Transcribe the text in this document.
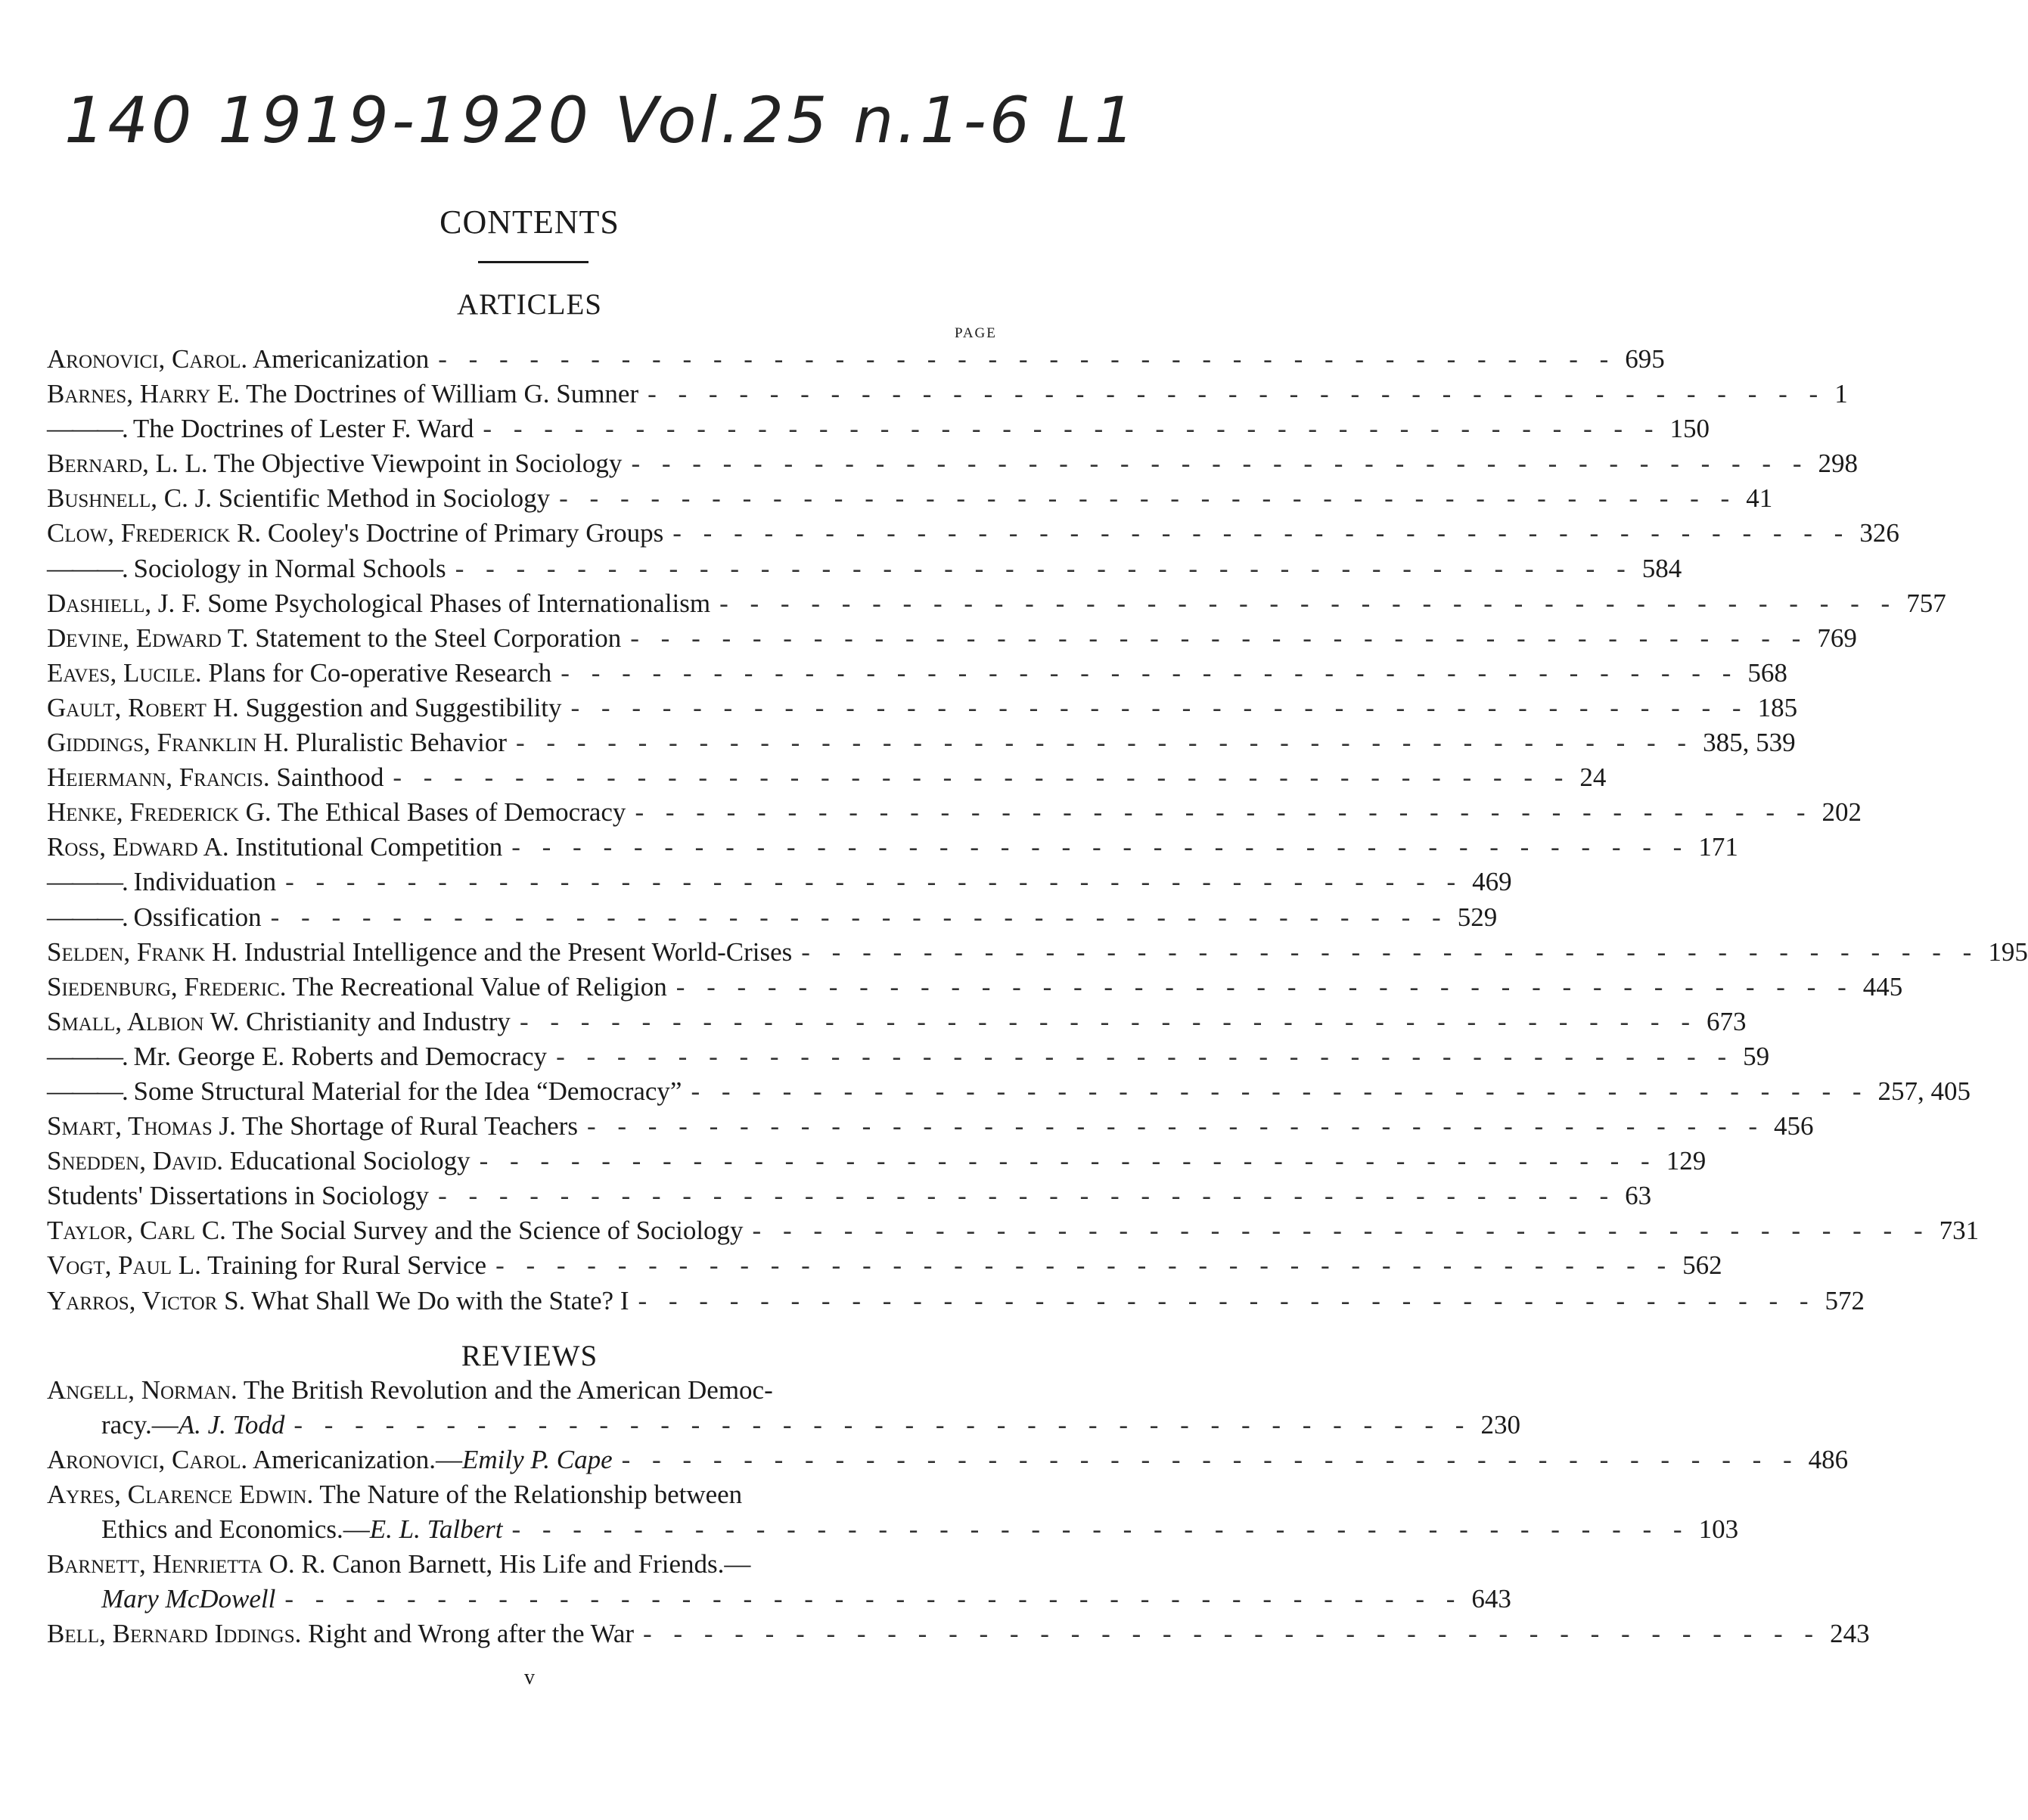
140 1919-1920 Vol.25 n.1-6 L1
CONTENTS
ARTICLES
PAGE
Aronovici, Carol. Americanization - - - - - - - - - - - - - - - - - - - - - - - - - - - - - - - - - - - - - - - 695
Barnes, Harry E. The Doctrines of William G. Sumner - - - - - - - - - - - - - - - - - - - - - - - - - - - - - - - - - - - - - - - 1
———. The Doctrines of Lester F. Ward - - - - - - - - - - - - - - - - - - - - - - - - - - - - - - - - - - - - - - - 150
Bernard, L. L. The Objective Viewpoint in Sociology - - - - - - - - - - - - - - - - - - - - - - - - - - - - - - - - - - - - - - - 298
Bushnell, C. J. Scientific Method in Sociology - - - - - - - - - - - - - - - - - - - - - - - - - - - - - - - - - - - - - - - 41
Clow, Frederick R. Cooley's Doctrine of Primary Groups - - - - - - - - - - - - - - - - - - - - - - - - - - - - - - - - - - - - - - - 326
———. Sociology in Normal Schools - - - - - - - - - - - - - - - - - - - - - - - - - - - - - - - - - - - - - - - 584
Dashiell, J. F. Some Psychological Phases of Internationalism - - - - - - - - - - - - - - - - - - - - - - - - - - - - - - - - - - - - - - - 757
Devine, Edward T. Statement to the Steel Corporation - - - - - - - - - - - - - - - - - - - - - - - - - - - - - - - - - - - - - - - 769
Eaves, Lucile. Plans for Co-operative Research - - - - - - - - - - - - - - - - - - - - - - - - - - - - - - - - - - - - - - - 568
Gault, Robert H. Suggestion and Suggestibility - - - - - - - - - - - - - - - - - - - - - - - - - - - - - - - - - - - - - - - 185
Giddings, Franklin H. Pluralistic Behavior - - - - - - - - - - - - - - - - - - - - - - - - - - - - - - - - - - - - - - - 385, 539
Heiermann, Francis. Sainthood - - - - - - - - - - - - - - - - - - - - - - - - - - - - - - - - - - - - - - - 24
Henke, Frederick G. The Ethical Bases of Democracy - - - - - - - - - - - - - - - - - - - - - - - - - - - - - - - - - - - - - - - 202
Ross, Edward A. Institutional Competition - - - - - - - - - - - - - - - - - - - - - - - - - - - - - - - - - - - - - - - 171
———. Individuation - - - - - - - - - - - - - - - - - - - - - - - - - - - - - - - - - - - - - - - 469
———. Ossification - - - - - - - - - - - - - - - - - - - - - - - - - - - - - - - - - - - - - - - 529
Selden, Frank H. Industrial Intelligence and the Present World-Crises - - - - - - - - - - - - - - - - - - - - - - - - - - - - - - - - - - - - - - - 195
Siedenburg, Frederic. The Recreational Value of Religion - - - - - - - - - - - - - - - - - - - - - - - - - - - - - - - - - - - - - - - 445
Small, Albion W. Christianity and Industry - - - - - - - - - - - - - - - - - - - - - - - - - - - - - - - - - - - - - - - 673
———. Mr. George E. Roberts and Democracy - - - - - - - - - - - - - - - - - - - - - - - - - - - - - - - - - - - - - - - 59
———. Some Structural Material for the Idea “Democracy” - - - - - - - - - - - - - - - - - - - - - - - - - - - - - - - - - - - - - - - 257, 405
Smart, Thomas J. The Shortage of Rural Teachers - - - - - - - - - - - - - - - - - - - - - - - - - - - - - - - - - - - - - - - 456
Snedden, David. Educational Sociology - - - - - - - - - - - - - - - - - - - - - - - - - - - - - - - - - - - - - - - 129
Students' Dissertations in Sociology - - - - - - - - - - - - - - - - - - - - - - - - - - - - - - - - - - - - - - - 63
Taylor, Carl C. The Social Survey and the Science of Sociology - - - - - - - - - - - - - - - - - - - - - - - - - - - - - - - - - - - - - - - 731
Vogt, Paul L. Training for Rural Service - - - - - - - - - - - - - - - - - - - - - - - - - - - - - - - - - - - - - - - 562
Yarros, Victor S. What Shall We Do with the State? I - - - - - - - - - - - - - - - - - - - - - - - - - - - - - - - - - - - - - - - 572
REVIEWS
Angell, Norman. The British Revolution and the American Democ-
racy.—A. J. Todd - - - - - - - - - - - - - - - - - - - - - - - - - - - - - - - - - - - - - - - 230
Aronovici, Carol. Americanization.—Emily P. Cape - - - - - - - - - - - - - - - - - - - - - - - - - - - - - - - - - - - - - - - 486
Ayres, Clarence Edwin. The Nature of the Relationship between
Ethics and Economics.—E. L. Talbert - - - - - - - - - - - - - - - - - - - - - - - - - - - - - - - - - - - - - - - 103
Barnett, Henrietta O. R. Canon Barnett, His Life and Friends.—
Mary McDowell - - - - - - - - - - - - - - - - - - - - - - - - - - - - - - - - - - - - - - - 643
Bell, Bernard Iddings. Right and Wrong after the War - - - - - - - - - - - - - - - - - - - - - - - - - - - - - - - - - - - - - - - 243
v
